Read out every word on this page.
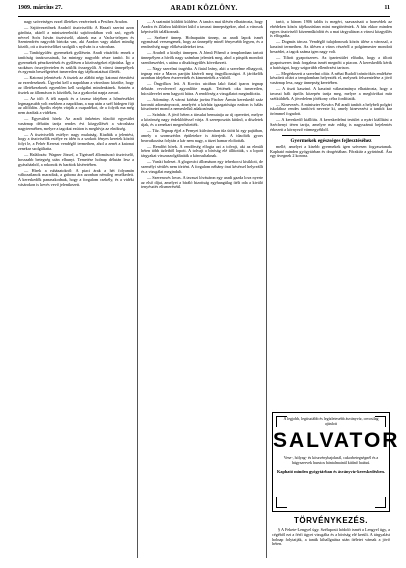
1909. március 27.	ARADI KÖZLÖNY.	11

nagy szövetséges ezzel illetékes vezéreinek a Pesthez Aradon.

— Sajtóvezetőnek Aradról tisztviselők: A Hazafi szerint azon gárdista, akiről a miniszterelnöki sajtóirodában volt szó, egyéb névvel Soós István tisztviselő, akinek ma a Vacha-telepen és Szentendrén nagyobb birtoka van, aki Aradon vagy akiket mindig közölt, ott a tisztviselőket szolgált s nyilván is a városban.

— Tanítógyülés: gyermekek gyűlésein. Aradi vásárlók: ennek a tanítóság tanácsosainak, ha mintegy nagyobb része tanító. Itt a gyermekek pénzfizetések és gyűlésen a közösségeket eljárásba. Így a szokásos összejövetelen és szülők összegyűlt. A városi ünnepélyek és egymás beszélgetései ismeretlen úgy tájékoztatásai illeték.

— Katonai jelentések: A tisztek az alábbi négy katonai értesítést az ezredeseknek. Ügyelni kell a napokban a városban: közölte, hogy az illetékeseknek egyenlően kell szolgálni mindenkinek. Szintén a tisztek az állomáson is közölték, ha a gyakorlat napja zavart.

— Az idő: A téli napok és a tavasz idejében a hőmérséklet legmagasabb volt ezekben a napokban, a nap után a szél hidegen fújt az alföldön. Április elején várják a csapadékot, de a folyók ma még nem áradtak a vidéken.

— Egyesületi hírek: Az aradi önkéntes tűzoltó egyesület vasárnap délután tartja rendes évi közgyűlését a városháza nagytermében, melyre a tagokat ezúton is meghívja az elnökség.

— A tisztviselők estélye: nagy mulatság. Kiadták a jelentést, hogy a tisztviselők estélye ez idén is a szokott fényes keretek között folyt le, a Fehér Kereszt vendéglő termeiben, ahol a zenét a katonai zenekar szolgáltatta.

— Halálozás: Wagner József, a Tigrisnél állomásozó tisztviselő, hosszabb betegség után elhunyt. Temetése holnap délután lesz a gyászházból, a rokonok és barátok kíséretében.

— Hírek a ruházatokról: A piaci árak a hét folyamán változatlanok maradtak, a gabona ára azonban némileg emelkedett. A kereskedők panaszkodnak, hogy a forgalom csekély, és a vidéki vásárokon is kevés vevő jelentkezett.

— A szatmári küldött küldése. A tanács mai ülésén elhatározta, hogy Aradra és Zilahra küldöttet küld a tavaszi ünnepségekre, ahol a városok képviselői találkoznak.

— Szeberé ünnep. Holnapután ünnep, az aradi lapok ismét egymással versengenek, hogy az ünnepély minél fényesebb legyen, és a rendezőség nagy előkészületeket tesz.

— Aradról a királyi ünnepen. A Jómű Pihenő a templomban tartott ünnepélyen a hívők nagy számban jelentek meg, ahol a püspök mondott szentbeszédet, s utána a díszközgyűlés következett.

— Nagy szerelmi tragédia. A fiatal leány, akit a szerelme elhagyott, tegnap este a Maros partján kísérelt meg öngyilkosságot. A járókelők azonban idejében észrevették és kimentették a vízből.

— Öngyilkos lett. A Kovács utcában lakó fiatal iparos tegnap délután revolverrel agyonlőtte magát. Tettének oka ismeretlen, búcsúlevelet nem hagyott hátra. A rendőrség a vizsgálatot megindította.

— Adomány. A városi kórház javára Fischer Ármin kereskedő száz koronát adományozott, amelyért a kórház igazgatósága ezúton is hálás köszönetet mond a nemeslelkű adakozónak.

— Színház. A jövő héten a társulat bemutatja az új operettet, melyre a közönség nagy érdeklődéssel várja. A szereposztás kitűnő, a díszletek újak, és a zenekart megerősítették.

— Tűz. Tegnap éjjel a Pernyei külvárosban tűz ütött ki egy pajtában, amely a szomszédos épületekre is átterjedt. A tűzoltók gyors beavatkozása folytán a kár nem nagy, a tüzet hamar eloltották.

— Rendőri hírek. A rendőrség elfogta azt a tolvajt, aki az elmúlt héten több üzletből lopott. A tolvajt a bíróság elé állították, s a lopott tárgyakat visszaszolgáltatták a károsultaknak.

— Vasúti baleset. A glogováci állomáson egy teherkocsi kisiklott, de személyi sérülés nem történt. A forgalom néhány órai késéssel helyreállt és a vizsgálat megindult.

— Szerencsés lovas. A tavaszi lóvásáron egy aradi gazda lova nyerte az első díjat, amelyet a bíráló bizottság egyhangúlag ítélt oda a kiváló tenyésztés elismeréséül.

tartó, a három 1906 taldis is megért, szavazásait a honvédek az ebédeken közös tájékozásban mint megtörténtek. A ház ekkor minden egyes tisztviselő közreműködött és a mai tárgyaláson a városi közgyűlés is elfogadta.

— Dogmás tárcza. Vendéglő tulajdonosok közös ülése a várossal, a kaszinó termeiben. Az ülésen a város részéről a polgármester mondott beszédet, a tagok száma igen nagy volt.

— Tiltott gyapotszeres. Az ipartestület előadta, hogy a tiltott gyapotszeres áruk forgalma ismét megnőtt a piacon. A kereskedők kérik a hatóságot, hogy szigorúbb ellenőrzést tartson.

— Megérkezett a szerelmi oltár. A néhai Rudolf trónörökös emlékére készített oltárt a templomban helyezték el, melynek felszentelése a jövő vasárnap lesz, nagy ünnepség keretében.

— A tiszti kaszinó. A kaszinó választmánya elhatározta, hogy a tavaszi bált április közepén tartja meg, melyre a meghívókat már szétküldték. A jövedelem jótékony célra fordíttatik.

— Kinevezés. A miniszter Kovács Pál aradi tanítót a helybeli polgári iskolához rendes tanítóvá nevezte ki, amely kinevezést a tanítói kar örömmel fogadott.

— A kereskedő kiállítás. A kereskedelmi testület a nyári kiállítást a Széchenyi téren tartja, amelyre már eddig is nagyszámú bejelentés érkezett a környező vármegyékből.

Gyermekek egészséges fejlesztéséhez

mellé, amelyet a kisebb gyermekek igen szívesen fogyasztanak. Kapható minden gyógytárban és drogériában. Főraktár a gyártónál. Ára egy üvegnek 2 korona.

A legjobb, legtisztább és legízletesebb ásványvíz, orvosilag ajánlott
SALVATOR
Vese-, hólyag- és köszvénybajoknál, cukorbetegségnél és a húgyszervek hurutos bántalmainál kitűnő hatású.
Kapható minden gyógytárban és ásványvíz-kereskedésben.
TÖRVÉNYKEZÉS.

§ A Fekete-Lengyel ügy. Szélaposti hódoló ismét a Lengyel ügy, a cégéből ezt a férfi ügyet vizsgálta és a bíróság elé került. A tárgyalást holnap folytatják, a tanúk kihallgatása után ítéletet várnak a jövő héten.
